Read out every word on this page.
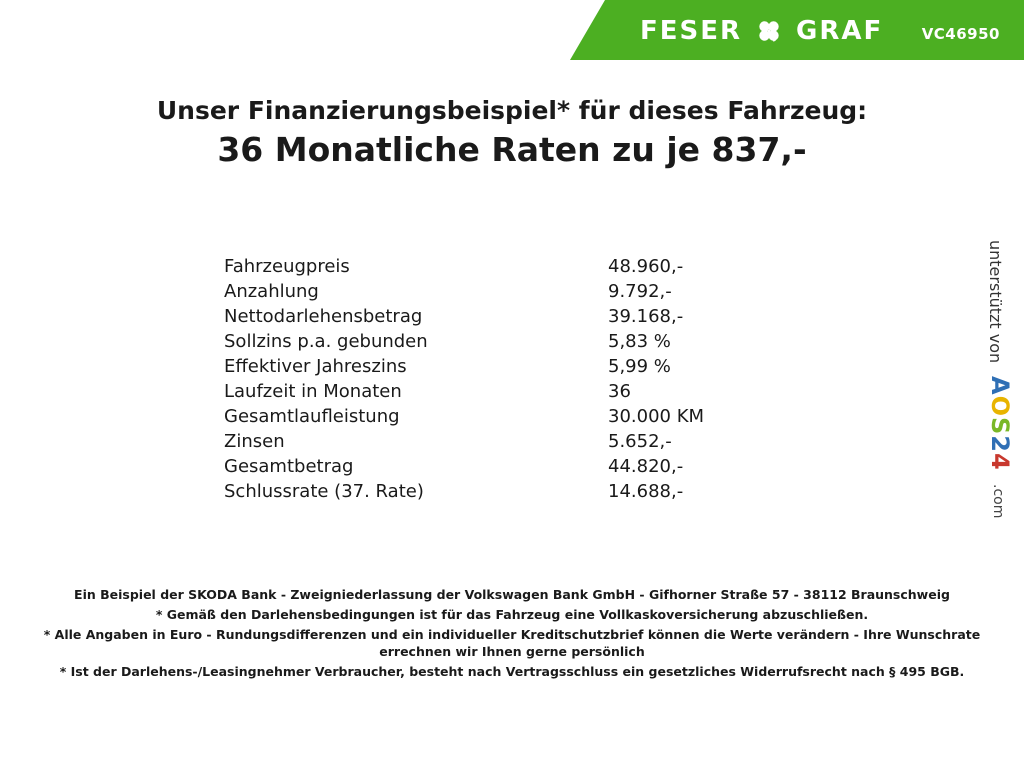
FESER GRAF	VC46950
Unser Finanzierungsbeispiel* für dieses Fahrzeug:
36 Monatliche Raten zu je 837,-
Fahrzeugpreis	48.960,-
Anzahlung	9.792,-
Nettodarlehensbetrag	39.168,-
Sollzins p.a. gebunden	5,83 %
Effektiver Jahreszins	5,99 %
Laufzeit in Monaten	36
Gesamtlaufleistung	30.000 KM
Zinsen	5.652,-
Gesamtbetrag	44.820,-
Schlussrate (37. Rate)	14.688,-
unterstützt von
AOS24
.com

Ein Beispiel der SKODA Bank - Zweigniederlassung der Volkswagen Bank GmbH - Gifhorner Straße 57 - 38112 Braunschweig

* Gemäß den Darlehensbedingungen ist für das Fahrzeug eine Vollkaskoversicherung abzuschließen.

* Alle Angaben in Euro - Rundungsdifferenzen und ein individueller Kreditschutzbrief können die Werte verändern - Ihre Wunschrate errechnen wir Ihnen gerne persönlich

* Ist der Darlehens-/Leasingnehmer Verbraucher, besteht nach Vertragsschluss ein gesetzliches Widerrufsrecht nach § 495 BGB.
